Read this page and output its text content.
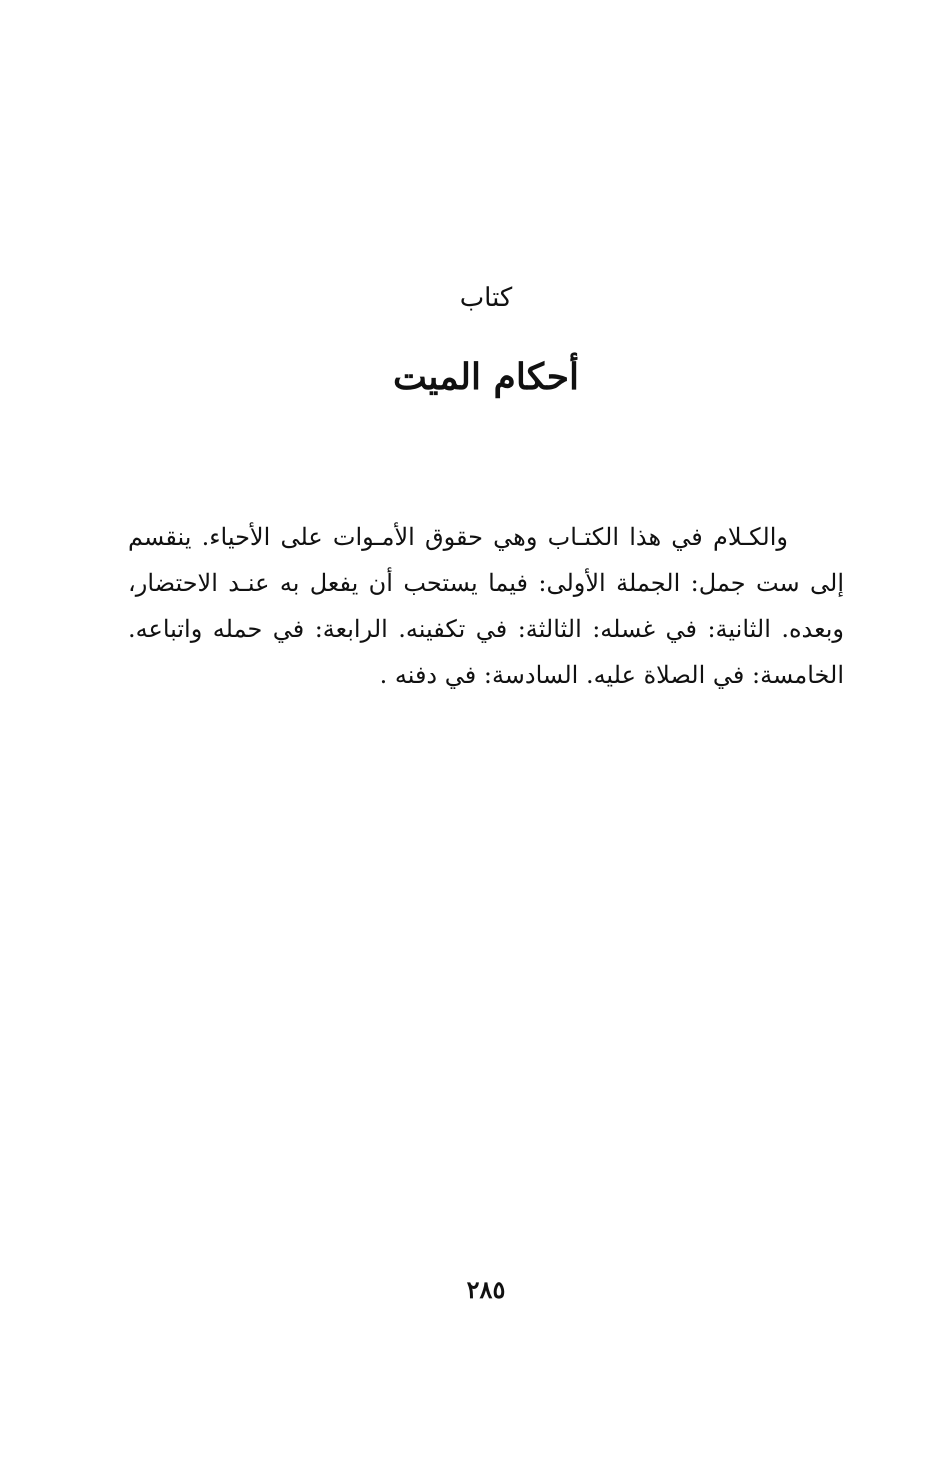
كتاب
أحكام الميت
والكـلام في هذا الكتـاب وهي حقوق الأمـوات على الأحياء. ينقسم
إلى ست جمل: الجملة الأولى: فيما يستحب أن يفعل به عنـد الاحتضار،
وبعده. الثانية: في غسله: الثالثة: في تكفينه. الرابعة: في حمله واتباعه.
الخامسة: في الصلاة عليه. السادسة: في دفنه .
٢٨٥
